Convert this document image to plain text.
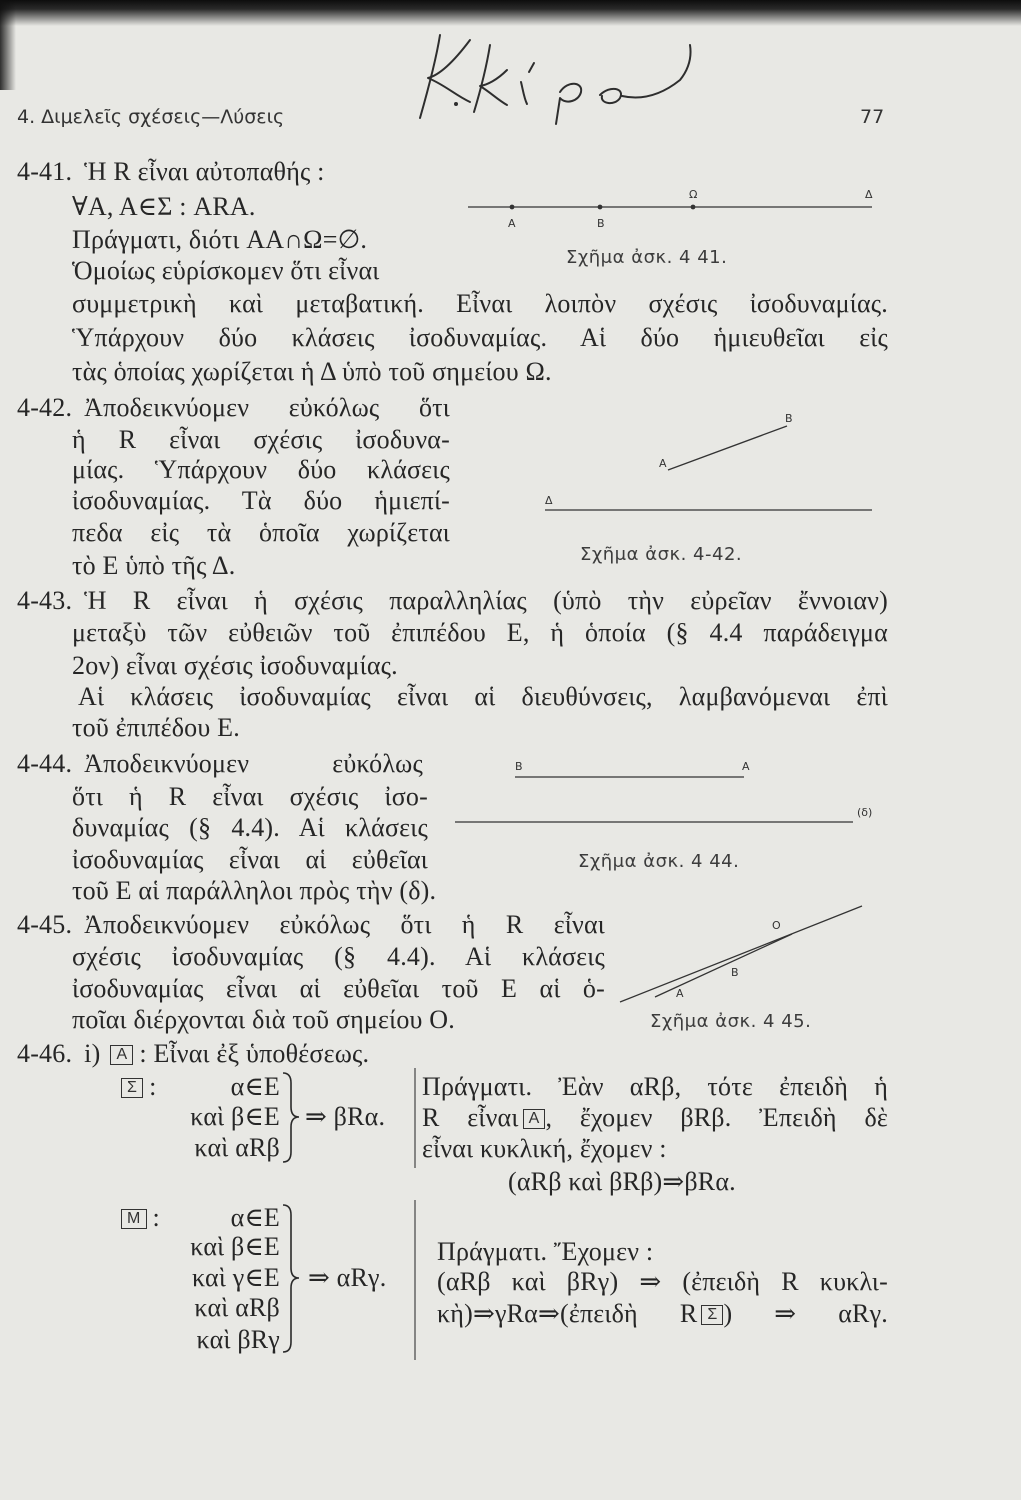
A	B
Ω	Δ
B
A
Δ
B	A
(δ)
O
B
A
4. Διμελεῖς σχέσεις—Λύσεις	77
4-41. Ἡ R εἶναι αὐτοπαθής :
∀A, A∈Σ : ARA.
Πράγματι, διότι AA∩Ω=∅.
Ὁμοίως εὑρίσκομεν ὅτι εἶναι
συμμετρικὴ καὶ μεταβατική. Εἶναι λοιπὸν σχέσις ἰσοδυναμίας.
Ὑπάρχουν δύο κλάσεις ἰσοδυναμίας. Αἱ δύο ἡμιευθεῖαι εἰς
τὰς ὁποίας χωρίζεται ἡ Δ ὑπὸ τοῦ σημείου Ω.
Σχῆμα ἀσκ. 4 41.
4-42. Ἀποδεικνύομεν εὐκόλως ὅτι
ἡ R εἶναι σχέσις ἰσοδυνα-
μίας. Ὑπάρχουν δύο κλάσεις
ἰσοδυναμίας. Τὰ δύο ἡμιεπί-
πεδα εἰς τὰ ὁποῖα χωρίζεται
τὸ E ὑπὸ τῆς Δ.	Σχῆμα ἀσκ. 4-42.
4-43. Ἡ R εἶναι ἡ σχέσις παραλληλίας (ὑπὸ τὴν εὐρεῖαν ἔννοιαν)
μεταξὺ τῶν εὐθειῶν τοῦ ἐπιπέδου E, ἡ ὁποία (§ 4.4 παράδειγμα
2ον) εἶναι σχέσις ἰσοδυναμίας.
Αἱ κλάσεις ἰσοδυναμίας εἶναι αἱ διευθύνσεις, λαμβανόμεναι ἐπὶ
τοῦ ἐπιπέδου E.
4-44. Ἀποδεικνύομεν εὐκόλως
ὅτι ἡ R εἶναι σχέσις ἰσο-
δυναμίας (§ 4.4). Αἱ κλάσεις
ἰσοδυναμίας εἶναι αἱ εὐθεῖαι
τοῦ E αἱ παράλληλοι πρὸς τὴν (δ).
Σχῆμα ἀσκ. 4 44.
4-45. Ἀποδεικνύομεν εὐκόλως ὅτι ἡ R εἶναι
σχέσις ἰσοδυναμίας (§ 4.4). Αἱ κλάσεις
ἰσοδυναμίας εἶναι αἱ εὐθεῖαι τοῦ E αἱ ὁ-
ποῖαι διέρχονται διὰ τοῦ σημείου O.	Σχῆμα ἀσκ. 4 45.
4-46. i) A : Εἶναι ἐξ ὑποθέσεως.
Σ :	α∈E
καὶ β∈E
καὶ αRβ
⇒ βRα.
Πράγματι. Ἐὰν αRβ, τότε ἐπειδὴ ἡ
R εἶναι A , ἔχομεν βRβ. Ἐπειδὴ δὲ
εἶναι κυκλική, ἔχομεν :
(αRβ καὶ βRβ)⇒βRα.
M :	α∈E
καὶ β∈E
καὶ γ∈E
καὶ αRβ
καὶ βRγ
⇒ αRγ.
Πράγματι. Ἔχομεν :
(αRβ καὶ βRγ) ⇒ (ἐπειδὴ R κυκλι-
κὴ)⇒γRα⇒(ἐπειδὴ R Σ ) ⇒ αRγ.
